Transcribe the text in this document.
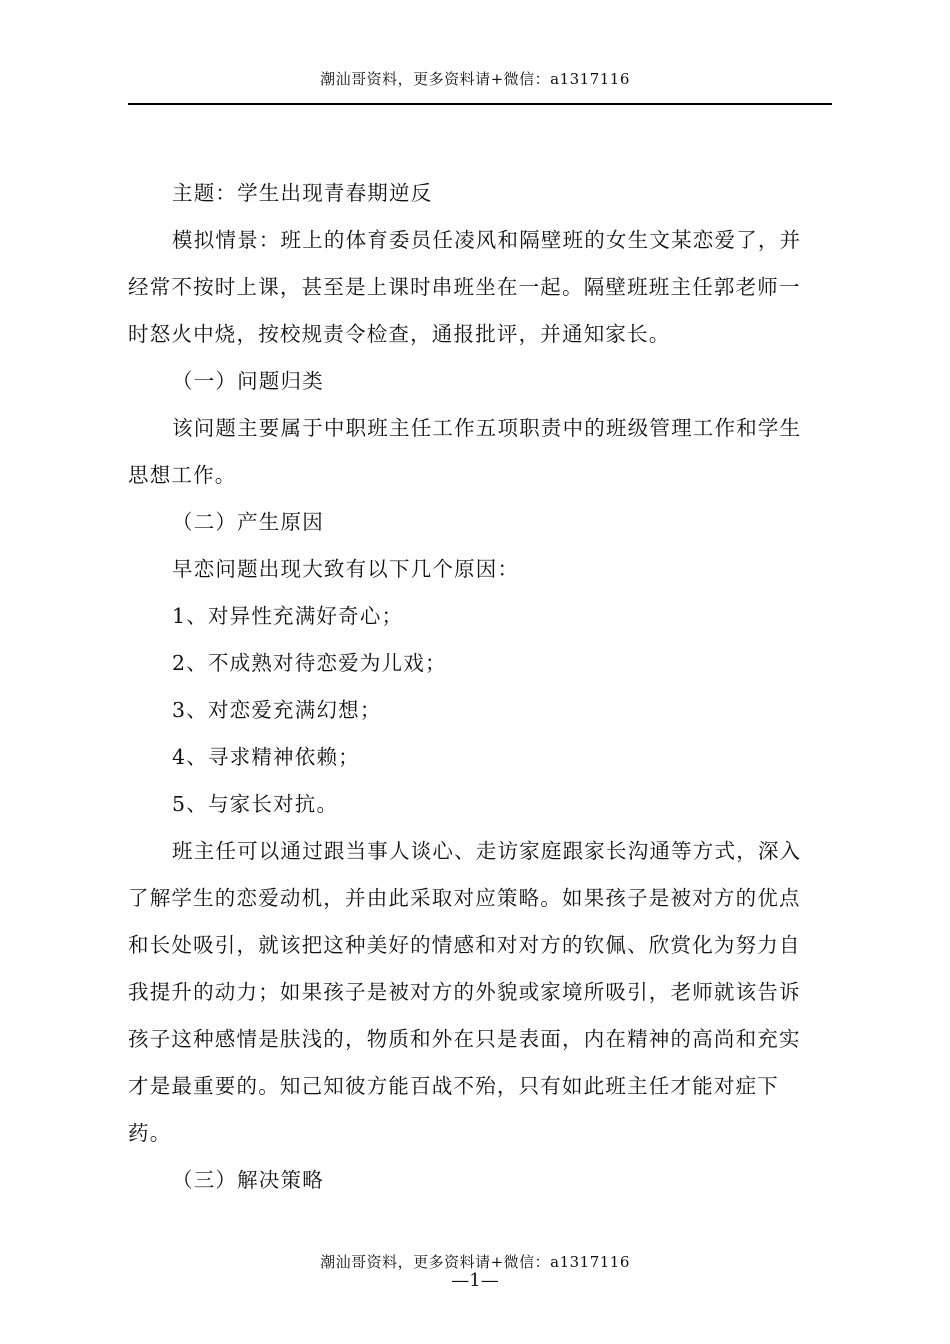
潮汕哥资料，更多资料请+微信：a1317116

主题：学生出现青春期逆反

模拟情景：班上的体育委员任凌风和隔壁班的女生文某恋爱了，并

经常不按时上课，甚至是上课时串班坐在一起。隔壁班班主任郭老师一

时怒火中烧，按校规责令检查，通报批评，并通知家长。

（一）问题归类

该问题主要属于中职班主任工作五项职责中的班级管理工作和学生

思想工作。

（二）产生原因

早恋问题出现大致有以下几个原因：

1、对异性充满好奇心；

2、不成熟对待恋爱为儿戏；

3、对恋爱充满幻想；

4、寻求精神依赖；

5、与家长对抗。

班主任可以通过跟当事人谈心、走访家庭跟家长沟通等方式，深入

了解学生的恋爱动机，并由此采取对应策略。如果孩子是被对方的优点

和长处吸引，就该把这种美好的情感和对对方的钦佩、欣赏化为努力自

我提升的动力；如果孩子是被对方的外貌或家境所吸引，老师就该告诉

孩子这种感情是肤浅的，物质和外在只是表面，内在精神的高尚和充实

才是最重要的。知己知彼方能百战不殆，只有如此班主任才能对症下

药。

（三）解决策略

潮汕哥资料，更多资料请+微信：a1317116
—1—
